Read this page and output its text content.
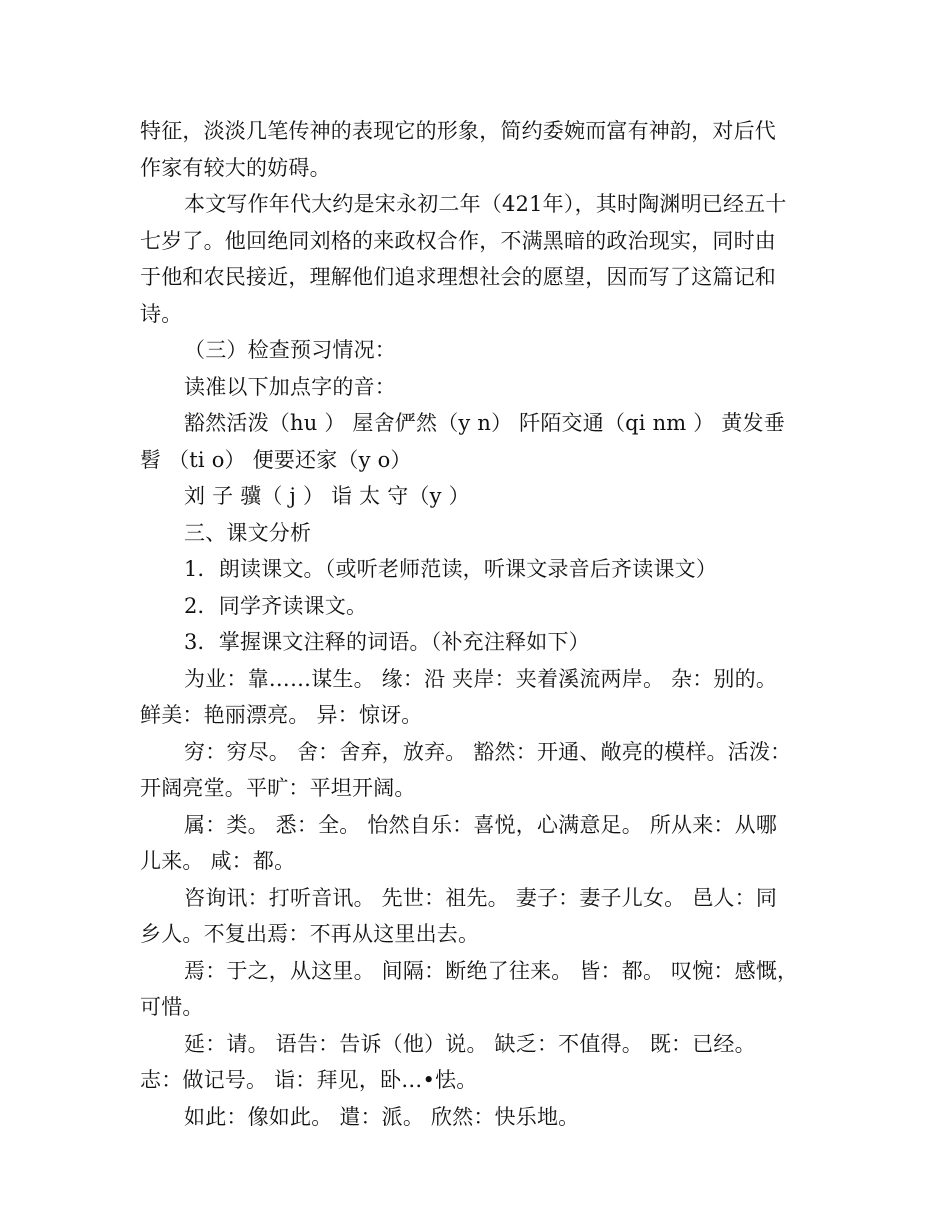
特征，淡淡几笔传神的表现它的形象，简约委婉而富有神韵，对后代
作家有较大的妨碍。
本文写作年代大约是宋永初二年（421年），其时陶渊明已经五十
七岁了。他回绝同刘格的来政权合作，不满黑暗的政治现实，同时由
于他和农民接近，理解他们追求理想社会的愿望，因而写了这篇记和
诗。
（三）检查预习情况：
读准以下加点字的音：
豁然活泼（hu ） 屋舍俨然（y n） 阡陌交通（qi nm ） 黄发垂
髫 （ti o） 便要还家（y o）
刘 子 骥（ j ） 诣 太 守（y ）
三、课文分析
1．朗读课文。（或听老师范读，听课文录音后齐读课文）
2．同学齐读课文。
3．掌握课文注释的词语。（补充注释如下）
为业：靠……谋生。 缘：沿 夹岸：夹着溪流两岸。 杂：别的。
鲜美：艳丽漂亮。 异：惊讶。
穷：穷尽。 舍：舍弃，放弃。 豁然：开通、敞亮的模样。活泼：
开阔亮堂。平旷：平坦开阔。
属：类。 悉：全。 怡然自乐：喜悦，心满意足。 所从来：从哪
儿来。 咸：都。
咨询讯：打听音讯。 先世：祖先。 妻子：妻子儿女。 邑人：同
乡人。不复出焉：不再从这里出去。
焉：于之，从这里。 间隔：断绝了往来。 皆：都。 叹惋：感慨，
可惜。
延：请。 语告：告诉（他）说。 缺乏：不值得。 既：已经。
志：做记号。 诣：拜见，卧…•怯。
如此：像如此。 遣：派。 欣然：快乐地。
